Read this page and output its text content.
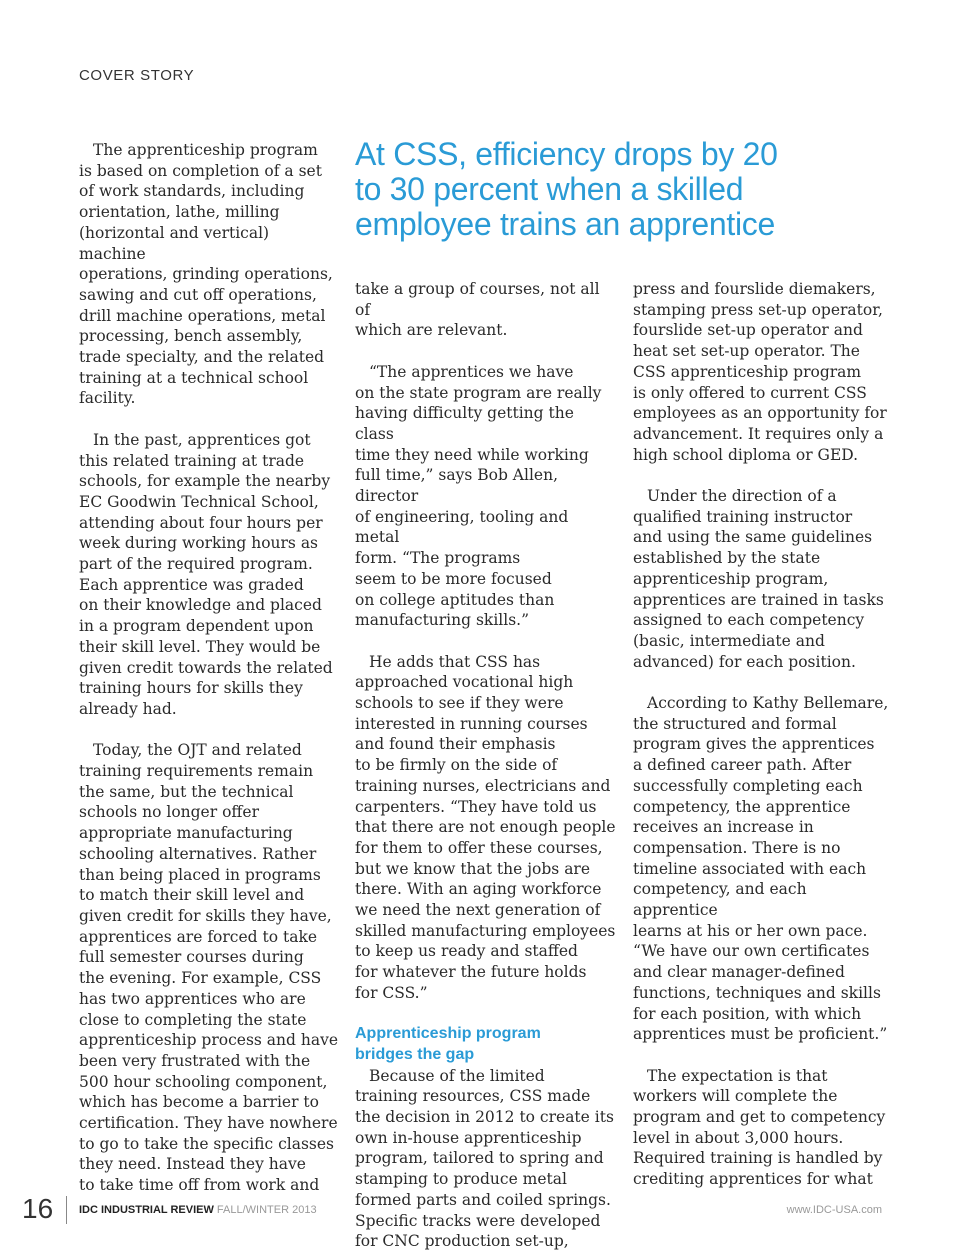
COVER STORY
At CSS, efficiency drops by 20
to 30 percent when a skilled
employee trains an apprentice

The apprenticeship program
is based on completion of a set
of work standards, including
orientation, lathe, milling
(horizontal and vertical) machine
operations, grinding operations,
sawing and cut off operations,
drill machine operations, metal
processing, bench assembly,
trade specialty, and the related
training at a technical school
facility.

In the past, apprentices got
this related training at trade
schools, for example the nearby
EC Goodwin Technical School,
attending about four hours per
week during working hours as
part of the required program.
Each apprentice was graded
on their knowledge and placed
in a program dependent upon
their skill level. They would be
given credit towards the related
training hours for skills they
already had.

Today, the OJT and related
training requirements remain
the same, but the technical
schools no longer offer
appropriate manufacturing
schooling alternatives. Rather
than being placed in programs
to match their skill level and
given credit for skills they have,
apprentices are forced to take
full semester courses during
the evening. For example, CSS
has two apprentices who are
close to completing the state
apprenticeship process and have
been very frustrated with the
500 hour schooling component,
which has become a barrier to
certification. They have nowhere
to go to take the specific classes
they need. Instead they have
to take time off from work and

take a group of courses, not all of
which are relevant.

“The apprentices we have
on the state program are really
having difficulty getting the class
time they need while working
full time,” says Bob Allen, director
of engineering, tooling and metal
form. “The programs
seem to be more focused
on college aptitudes than
manufacturing skills.”

He adds that CSS has
approached vocational high
schools to see if they were
interested in running courses
and found their emphasis
to be firmly on the side of
training nurses, electricians and
carpenters. “They have told us
that there are not enough people
for them to offer these courses,
but we know that the jobs are
there. With an aging workforce
we need the next generation of
skilled manufacturing employees
to keep us ready and staffed
for whatever the future holds
for CSS.”

Apprenticeship program
bridges the gap

Because of the limited
training resources, CSS made
the decision in 2012 to create its
own in-house apprenticeship
program, tailored to spring and
stamping to produce metal
formed parts and coiled springs.
Specific tracks were developed
for CNC production set-up,

press and fourslide diemakers,
stamping press set-up operator,
fourslide set-up operator and
heat set set-up operator. The
CSS apprenticeship program
is only offered to current CSS
employees as an opportunity for
advancement. It requires only a
high school diploma or GED.

Under the direction of a
qualified training instructor
and using the same guidelines
established by the state
apprenticeship program,
apprentices are trained in tasks
assigned to each competency
(basic, intermediate and
advanced) for each position.

According to Kathy Bellemare,
the structured and formal
program gives the apprentices
a defined career path. After
successfully completing each
competency, the apprentice
receives an increase in
compensation. There is no
timeline associated with each
competency, and each apprentice
learns at his or her own pace.
“We have our own certificates
and clear manager-defined
functions, techniques and skills
for each position, with which
apprentices must be proficient.”

The expectation is that
workers will complete the
program and get to competency
level in about 3,000 hours.
Required training is handled by
crediting apprentices for what

16 IDC INDUSTRIAL REVIEW FALL/WINTER 2013	www.IDC-USA.com
